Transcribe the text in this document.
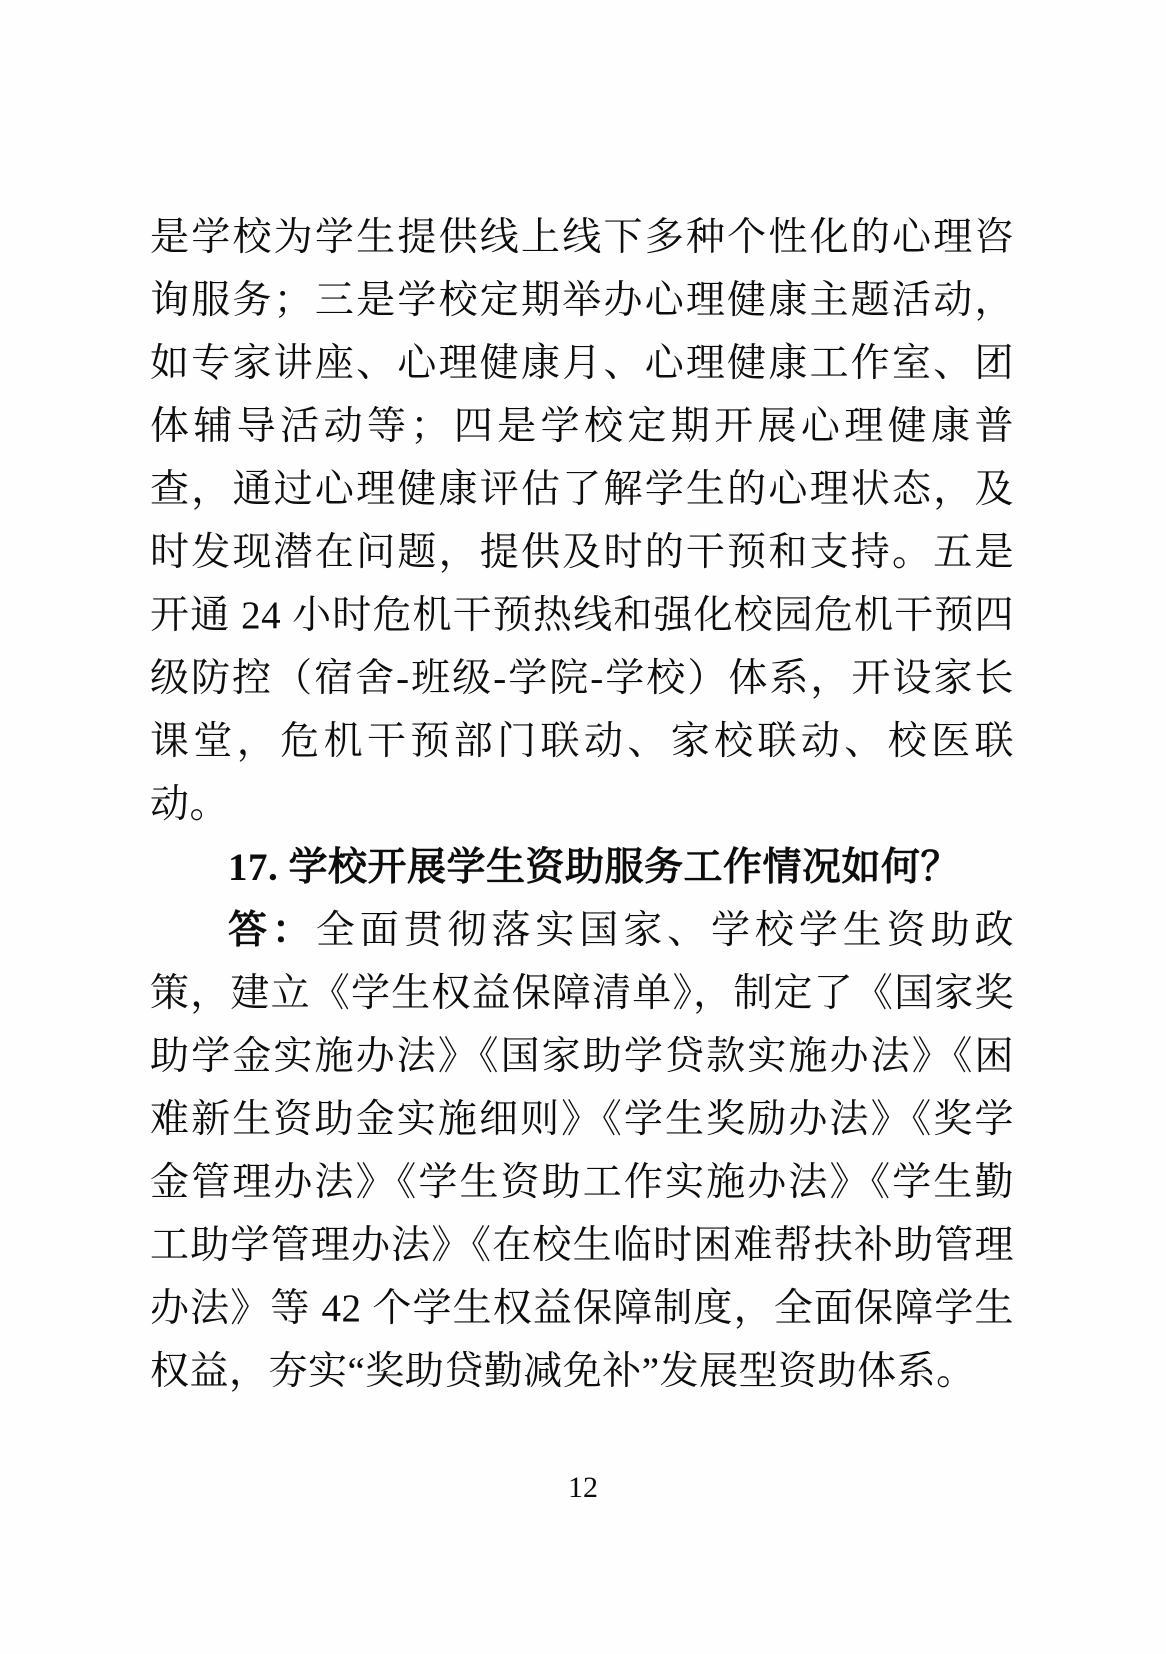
是学校为学生提供线上线下多种个性化的心理咨询服务；三是学校定期举办心理健康主题活动，如专家讲座、心理健康月、心理健康工作室、团体辅导活动等；四是学校定期开展心理健康普查，通过心理健康评估了解学生的心理状态，及时发现潜在问题，提供及时的干预和支持。五是开通 24 小时危机干预热线和强化校园危机干预四级防控（宿舍-班级-学院-学校）体系，开设家长课堂，危机干预部门联动、家校联动、校医联动。

17. 学校开展学生资助服务工作情况如何？

答：全面贯彻落实国家、学校学生资助政策，建立《学生权益保障清单》，制定了《国家奖助学金实施办法》《国家助学贷款实施办法》《困难新生资助金实施细则》《学生奖励办法》《奖学金管理办法》《学生资助工作实施办法》《学生勤工助学管理办法》《在校生临时困难帮扶补助管理办法》等 42 个学生权益保障制度，全面保障学生权益，夯实“奖助贷勤减免补”发展型资助体系。

12
